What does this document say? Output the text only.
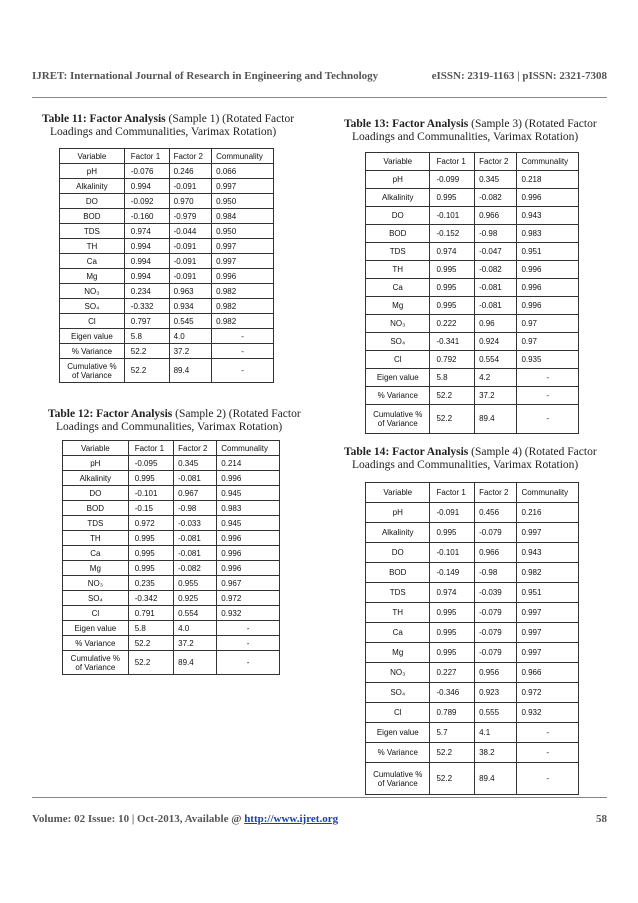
IJRET: International Journal of Research in Engineering and Technology	eISSN: 2319-1163 | pISSN: 2321-7308
Table 11: Factor Analysis (Sample 1) (Rotated Factor
Loadings and Communalities, Varimax Rotation)
Variable	Factor 1	Factor 2	Communality
pH	-0.076	0.246	0.066
Alkalinity	0.994	-0.091	0.997
DO	-0.092	0.970	0.950
BOD	-0.160	-0.979	0.984
TDS	0.974	-0.044	0.950
TH	0.994	-0.091	0.997
Ca	0.994	-0.091	0.997
Mg	0.994	-0.091	0.996
NO₃	0.234	0.963	0.982
SO₄	-0.332	0.934	0.982
Cl	0.797	0.545	0.982
Eigen value	5.8	4.0	-
% Variance	52.2	37.2	-
Cumulative %
of Variance	52.2	89.4	-
Table 12: Factor Analysis (Sample 2) (Rotated Factor
Loadings and Communalities, Varimax Rotation)
Variable	Factor 1	Factor 2	Communality
pH	-0.095	0.345	0.214
Alkalinity	0.995	-0.081	0.996
DO	-0.101	0.967	0.945
BOD	-0.15	-0.98	0.983
TDS	0.972	-0.033	0.945
TH	0.995	-0.081	0.996
Ca	0.995	-0.081	0.996
Mg	0.995	-0.082	0.996
NO₃	0.235	0.955	0.967
SO₄	-0.342	0.925	0.972
Cl	0.791	0.554	0.932
Eigen value	5.8	4.0	-
% Variance	52.2	37.2	-
Cumulative %
of Variance	52.2	89.4	-
Table 13: Factor Analysis (Sample 3) (Rotated Factor
Loadings and Communalities, Varimax Rotation)
Variable	Factor 1	Factor 2	Communality
pH	-0.099	0.345	0.218
Alkalinity	0.995	-0.082	0.996
DO	-0.101	0.966	0.943
BOD	-0.152	-0.98	0.983
TDS	0.974	-0.047	0.951
TH	0.995	-0.082	0.996
Ca	0.995	-0.081	0.996
Mg	0.995	-0.081	0.996
NO₃	0.222	0.96	0.97
SO₄	-0.341	0.924	0.97
Cl	0.792	0.554	0.935
Eigen value	5.8	4.2	-
% Variance	52.2	37.2	-
Cumulative %
of Variance	52.2	89.4	-
Table 14: Factor Analysis (Sample 4) (Rotated Factor
Loadings and Communalities, Varimax Rotation)
Variable	Factor 1	Factor 2	Communality
pH	-0.091	0.456	0.216
Alkalinity	0.995	-0.079	0.997
DO	-0.101	0.966	0.943
BOD	-0.149	-0.98	0.982
TDS	0.974	-0.039	0.951
TH	0.995	-0.079	0.997
Ca	0.995	-0.079	0.997
Mg	0.995	-0.079	0.997
NO₃	0.227	0.956	0.966
SO₄	-0.346	0.923	0.972
Cl	0.789	0.555	0.932
Eigen value	5.7	4.1	-
% Variance	52.2	38.2	-
Cumulative %
of Variance	52.2	89.4	-
Volume: 02 Issue: 10 | Oct-2013, Available @ http://www.ijret.org	58
